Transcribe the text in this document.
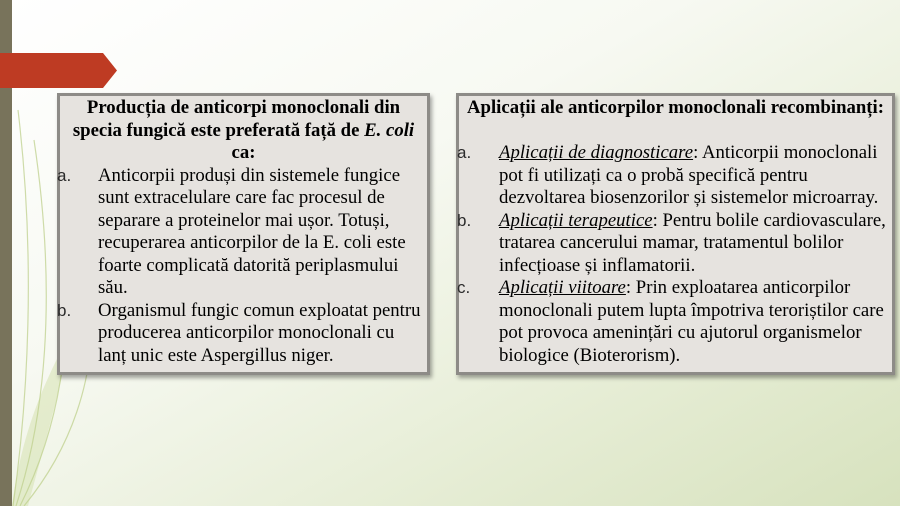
Producția de anticorpi monoclonali din
specia fungică este preferată față de E. coli
ca:
a. Anticorpii produși din sistemele fungice
sunt extracelulare care fac procesul de
separare a proteinelor mai ușor. Totuși,
recuperarea anticorpilor de la E. coli este
foarte complicată datorită periplasmului
său.
b. Organismul fungic comun exploatat pentru
producerea anticorpilor monoclonali cu
lanț unic este Aspergillus niger.
Aplicații ale anticorpilor monoclonali recombinanți:
a. Aplicații de diagnosticare: Anticorpii monoclonali
pot fi utilizați ca o probă specifică pentru
dezvoltarea biosenzorilor și sistemelor microarray.
b. Aplicații terapeutice: Pentru bolile cardiovasculare,
tratarea cancerului mamar, tratamentul bolilor
infecțioase și inflamatorii.
c. Aplicații viitoare: Prin exploatarea anticorpilor
monoclonali putem lupta împotriva teroriștilor care
pot provoca amenințări cu ajutorul organismelor
biologice (Bioterorism).
